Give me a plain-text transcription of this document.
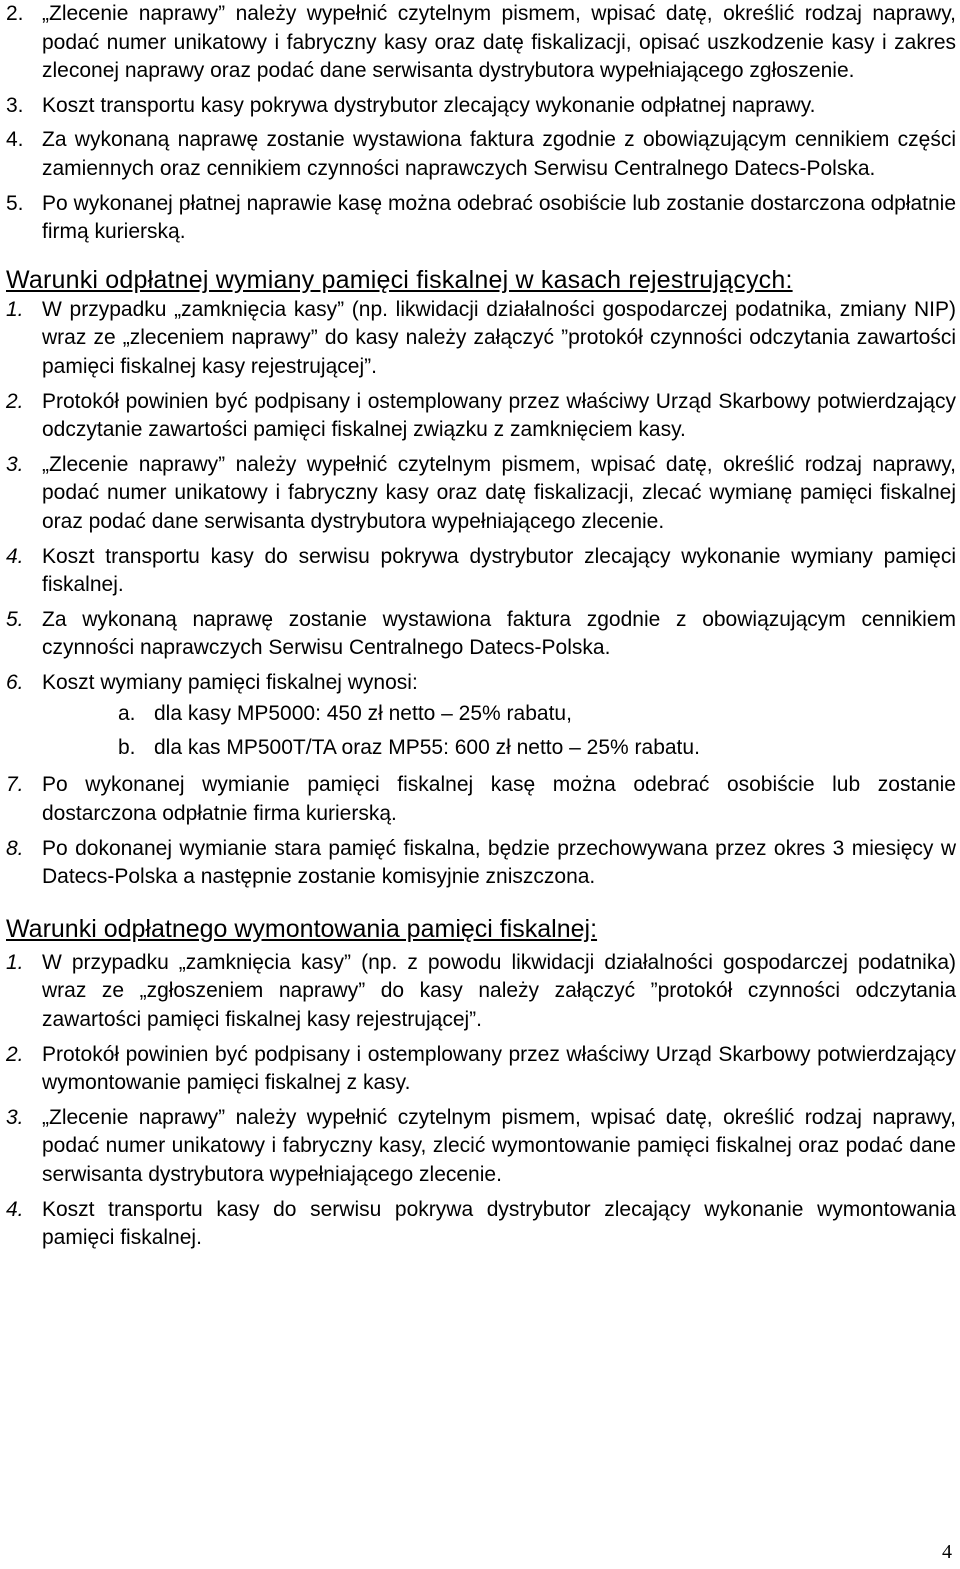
2. „Zlecenie naprawy” należy wypełnić czytelnym pismem, wpisać datę, określić rodzaj naprawy, podać numer unikatowy i fabryczny kasy oraz datę fiskalizacji, opisać uszkodzenie kasy i zakres zleconej naprawy oraz podać dane serwisanta dystrybutora wypełniającego zgłoszenie.
3. Koszt transportu kasy pokrywa dystrybutor zlecający wykonanie odpłatnej naprawy.
4. Za wykonaną naprawę zostanie wystawiona faktura zgodnie z obowiązującym cennikiem części zamiennych oraz cennikiem czynności naprawczych Serwisu Centralnego Datecs-Polska.
5. Po wykonanej płatnej naprawie kasę można odebrać osobiście lub zostanie dostarczona odpłatnie firmą kurierską.
Warunki odpłatnej wymiany pamięci fiskalnej w kasach rejestrujących:
1. W przypadku „zamknięcia kasy” (np. likwidacji działalności gospodarczej podatnika, zmiany NIP) wraz ze „zleceniem naprawy” do kasy należy załączyć ”protokół czynności odczytania zawartości pamięci fiskalnej kasy rejestrującej”.
2. Protokół powinien być podpisany i ostemplowany przez właściwy Urząd Skarbowy potwierdzający odczytanie zawartości pamięci fiskalnej związku z zamknięciem kasy.
3. „Zlecenie naprawy” należy wypełnić czytelnym pismem, wpisać datę, określić rodzaj naprawy, podać numer unikatowy i fabryczny kasy oraz datę fiskalizacji, zlecać wymianę pamięci fiskalnej oraz podać dane serwisanta dystrybutora wypełniającego zlecenie.
4. Koszt transportu kasy do serwisu pokrywa dystrybutor zlecający wykonanie wymiany pamięci fiskalnej.
5. Za wykonaną naprawę zostanie wystawiona faktura zgodnie z obowiązującym cennikiem czynności naprawczych Serwisu Centralnego Datecs-Polska.
6. Koszt wymiany pamięci fiskalnej wynosi:
a. dla kasy MP5000: 450 zł netto – 25% rabatu,
b. dla kas MP500T/TA oraz MP55: 600 zł netto – 25% rabatu.
7. Po wykonanej wymianie pamięci fiskalnej kasę można odebrać osobiście lub zostanie dostarczona odpłatnie firma kurierską.
8. Po dokonanej wymianie stara pamięć fiskalna, będzie przechowywana przez okres 3 miesięcy w Datecs-Polska a następnie zostanie komisyjnie zniszczona.
Warunki odpłatnego wymontowania pamięci fiskalnej:
1. W przypadku „zamknięcia kasy” (np. z powodu likwidacji działalności gospodarczej podatnika) wraz ze „zgłoszeniem naprawy” do kasy należy załączyć ”protokół czynności odczytania zawartości pamięci fiskalnej kasy rejestrującej”.
2. Protokół powinien być podpisany i ostemplowany przez właściwy Urząd Skarbowy potwierdzający wymontowanie pamięci fiskalnej z kasy.
3. „Zlecenie naprawy” należy wypełnić czytelnym pismem, wpisać datę, określić rodzaj naprawy, podać numer unikatowy i fabryczny kasy, zlecić wymontowanie pamięci fiskalnej oraz podać dane serwisanta dystrybutora wypełniającego zlecenie.
4. Koszt transportu kasy do serwisu pokrywa dystrybutor zlecający wykonanie wymontowania pamięci fiskalnej.
4
